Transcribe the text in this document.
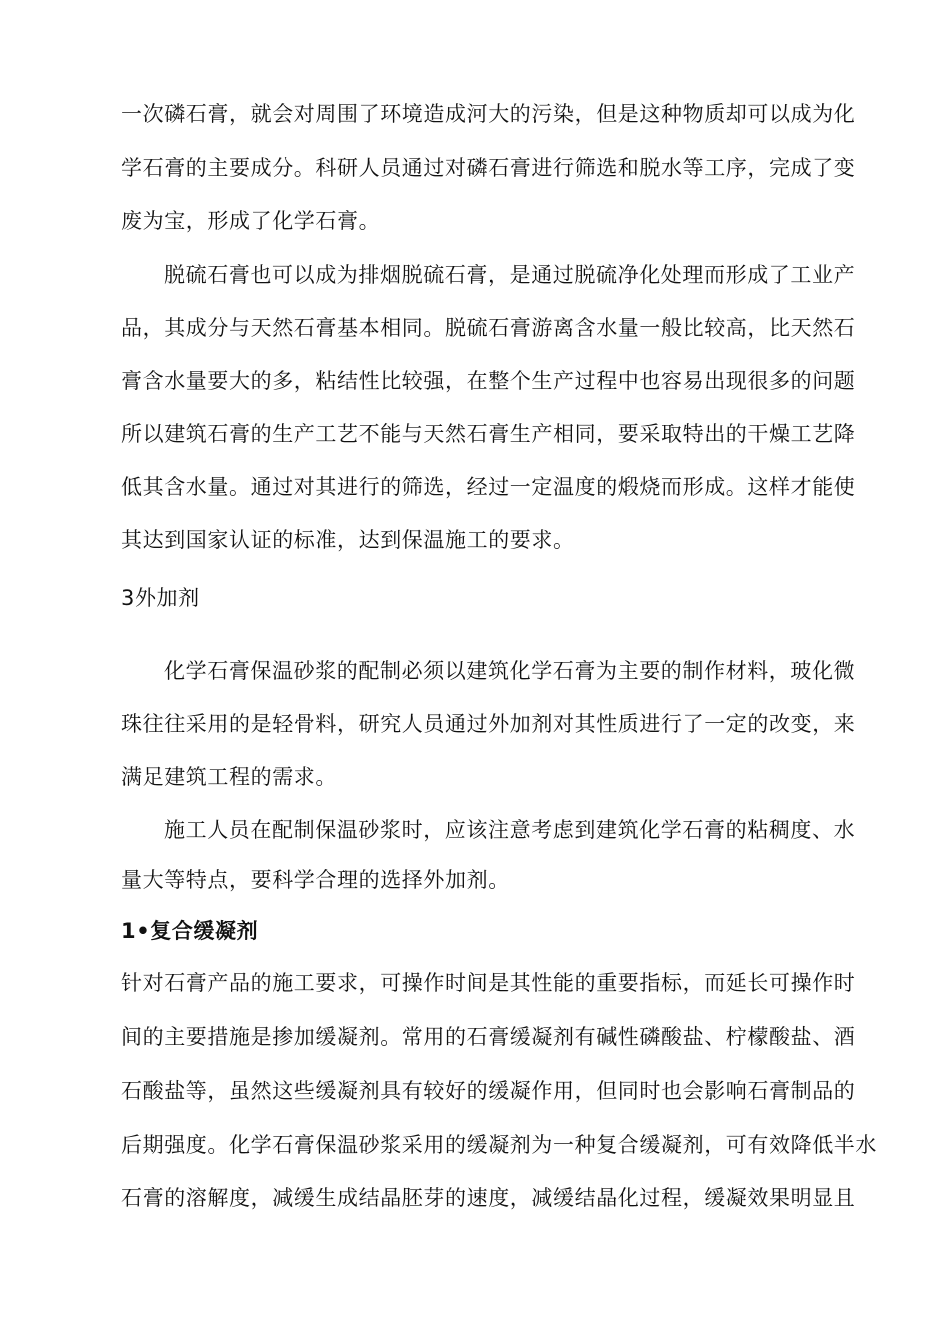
一次磷石膏，就会对周围了环境造成河大的污染，但是这种物质却可以成为化
学石膏的主要成分。科研人员通过对磷石膏进行筛选和脱水等工序，完成了变
废为宝，形成了化学石膏。
脱硫石膏也可以成为排烟脱硫石膏，是通过脱硫净化处理而形成了工业产
品，其成分与天然石膏基本相同。脱硫石膏游离含水量一般比较高，比天然石
膏含水量要大的多，粘结性比较强，在整个生产过程中也容易出现很多的问题
所以建筑石膏的生产工艺不能与天然石膏生产相同，要采取特出的干燥工艺降
低其含水量。通过对其进行的筛选，经过一定温度的煅烧而形成。这样才能使
其达到国家认证的标准，达到保温施工的要求。
3外加剂
化学石膏保温砂浆的配制必须以建筑化学石膏为主要的制作材料，玻化微
珠往往采用的是轻骨料，研究人员通过外加剂对其性质进行了一定的改变，来
满足建筑工程的需求。
施工人员在配制保温砂浆时，应该注意考虑到建筑化学石膏的粘稠度、水
量大等特点，要科学合理的选择外加剂。
1•复合缓凝剂
针对石膏产品的施工要求，可操作时间是其性能的重要指标，而延长可操作时
间的主要措施是掺加缓凝剂。常用的石膏缓凝剂有碱性磷酸盐、柠檬酸盐、酒
石酸盐等，虽然这些缓凝剂具有较好的缓凝作用，但同时也会影响石膏制品的
后期强度。化学石膏保温砂浆采用的缓凝剂为一种复合缓凝剂，可有效降低半水
石膏的溶解度，减缓生成结晶胚芽的速度，减缓结晶化过程，缓凝效果明显且
